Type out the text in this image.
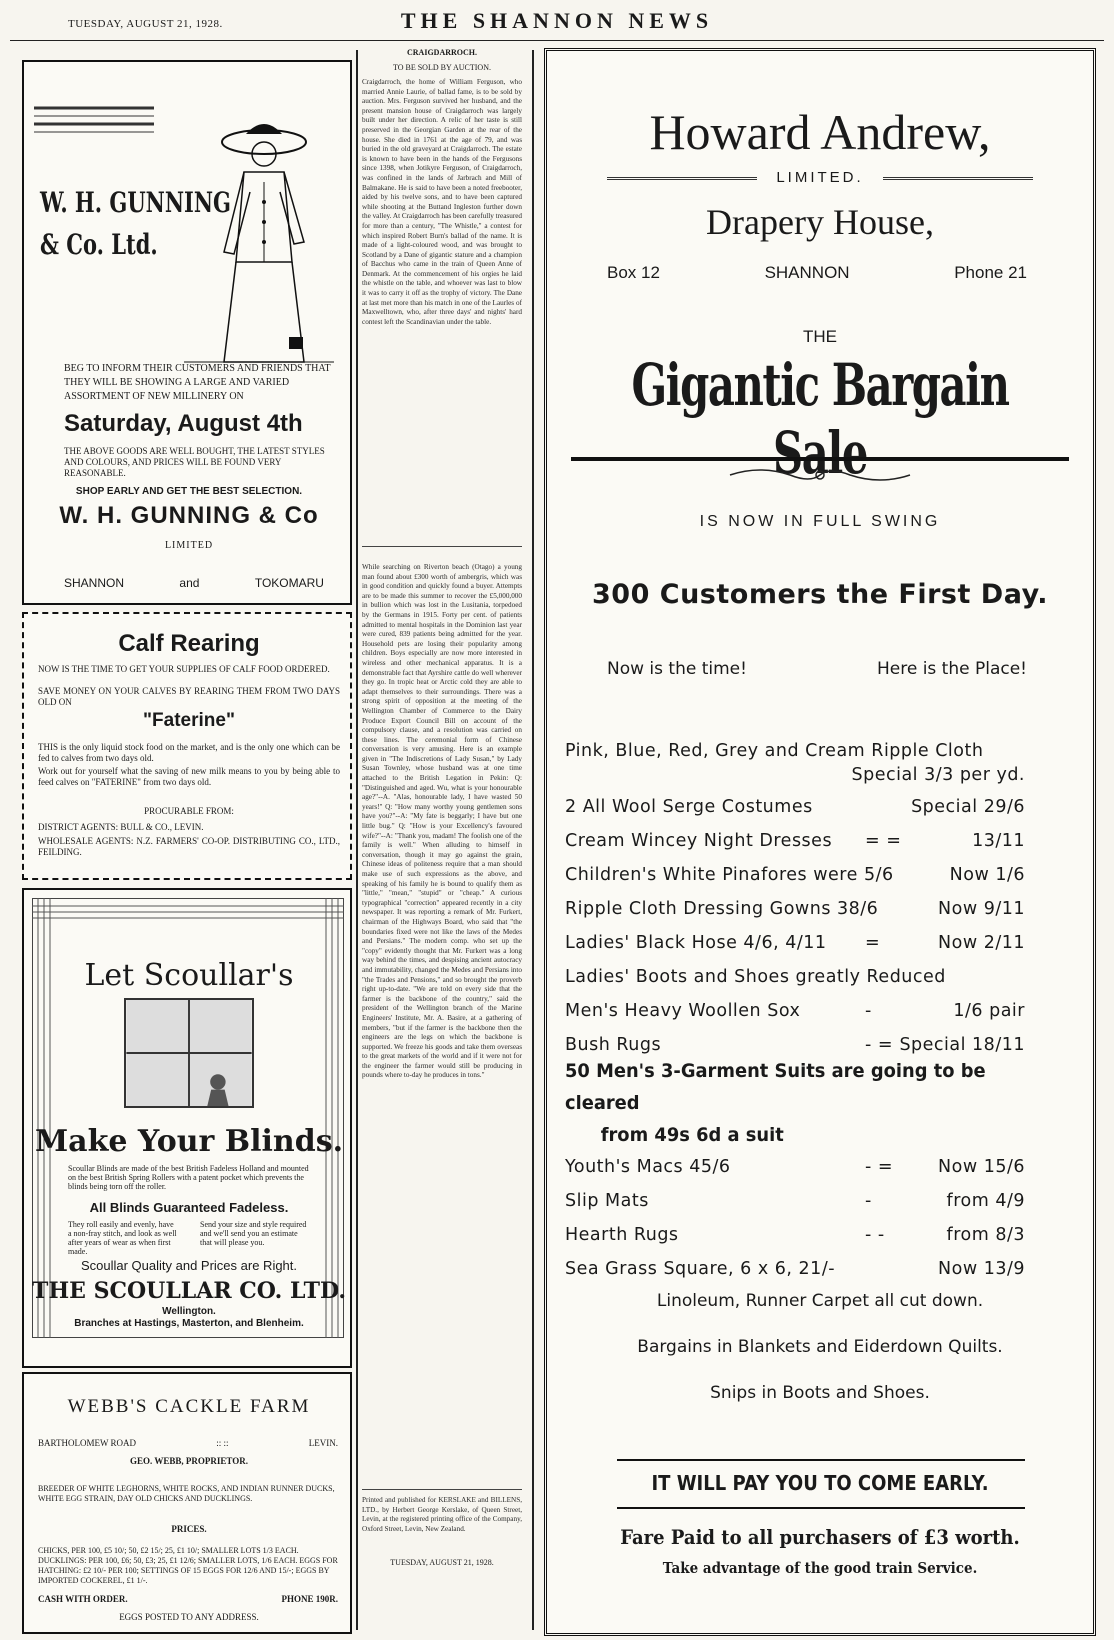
TUESDAY, AUGUST 21, 1928.	THE SHANNON NEWS
W. H. GUNNING
& Co. Ltd.
BEG TO INFORM THEIR CUSTOMERS AND FRIENDS THAT THEY WILL BE SHOWING A LARGE AND VARIED ASSORTMENT OF NEW MILLINERY ON
Saturday, August 4th
THE ABOVE GOODS ARE WELL BOUGHT, THE LATEST STYLES AND COLOURS, AND PRICES WILL BE FOUND VERY REASONABLE.
SHOP EARLY AND GET THE BEST SELECTION.
W. H. GUNNING & Co
LIMITED
SHANNON	and	TOKOMARU
Calf Rearing
NOW IS THE TIME TO GET YOUR SUPPLIES OF CALF FOOD ORDERED.
SAVE MONEY ON YOUR CALVES BY REARING THEM FROM TWO DAYS OLD ON
"Faterine"
THIS is the only liquid stock food on the market, and is the only one which can be fed to calves from two days old.
Work out for yourself what the saving of new milk means to you by being able to feed calves on "FATERINE" from two days old.
PROCURABLE FROM:
DISTRICT AGENTS: BULL & CO., LEVIN.
WHOLESALE AGENTS: N.Z. FARMERS' CO-OP. DISTRIBUTING CO., LTD., FEILDING.
Let Scoullar's
Make Your Blinds.
Scoullar Blinds are made of the best British Fadeless Holland and mounted on the best British Spring Rollers with a patent pocket which prevents the blinds being torn off the roller.
All Blinds Guaranteed Fadeless.
They roll easily and evenly, have a non-fray stitch, and look as well after years of wear as when first made.
Send your size and style required and we'll send you an estimate that will please you.
Scoullar Quality and Prices are Right.
THE SCOULLAR CO. LTD.
Wellington.
Branches at Hastings, Masterton, and Blenheim.
WEBB'S CACKLE FARM
BARTHOLOMEW ROAD	:: ::	LEVIN.
GEO. WEBB, PROPRIETOR.
BREEDER OF WHITE LEGHORNS, WHITE ROCKS, AND INDIAN RUNNER DUCKS, WHITE EGG STRAIN, DAY OLD CHICKS AND DUCKLINGS.
PRICES.
CHICKS, PER 100, £5 10/; 50, £2 15/; 25, £1 10/; SMALLER LOTS 1/3 EACH. DUCKLINGS: PER 100, £6; 50, £3; 25, £1 12/6; SMALLER LOTS, 1/6 EACH. EGGS FOR HATCHING: £2 10/- PER 100; SETTINGS OF 15 EGGS FOR 12/6 AND 15/-; EGGS BY IMPORTED COCKEREL, £1 1/-.
CASH WITH ORDER.	PHONE 190R.
EGGS POSTED TO ANY ADDRESS.
CRAIGDARROCH.
TO BE SOLD BY AUCTION.
Craigdarroch, the home of William Ferguson, who married Annie Laurie, of ballad fame, is to be sold by auction. Mrs. Ferguson survived her husband, and the present mansion house of Craigdarroch was largely built under her direction. A relic of her taste is still preserved in the Georgian Garden at the rear of the house. She died in 1761 at the age of 79, and was buried in the old graveyard at Craigdarroch. The estate is known to have been in the hands of the Fergusons since 1398, when Jotikyre Ferguson, of Craigdarroch, was confined in the lands of Jarbrach and Mill of Balmakane. He is said to have been a noted freebooter, aided by his twelve sons, and to have been captured while shooting at the Buttand Ingleston further down the valley. At Craigdarroch has been carefully treasured for more than a century, "The Whistle," a contest for which inspired Robert Burn's ballad of the name. It is made of a light-coloured wood, and was brought to Scotland by a Dane of gigantic stature and a champion of Bacchus who came in the train of Queen Anne of Denmark. At the commencement of his orgies he laid the whistle on the table, and whoever was last to blow it was to carry it off as the trophy of victory. The Dane at last met more than his match in one of the Laurles of Maxwelltown, who, after three days' and nights' hard contest left the Scandinavian under the table.
While searching on Riverton beach (Otago) a young man found about £300 worth of ambergris, which was in good condition and quickly found a buyer. Attempts are to be made this summer to recover the £5,000,000 in bullion which was lost in the Lusitania, torpedoed by the Germans in 1915. Forty per cent. of patients admitted to mental hospitals in the Dominion last year were cured, 839 patients being admitted for the year. Household pets are losing their popularity among children. Boys especially are now more interested in wireless and other mechanical apparatus. It is a demonstrable fact that Ayrshire cattle do well wherever they go. In tropic heat or Arctic cold they are able to adapt themselves to their surroundings. There was a strong spirit of opposition at the meeting of the Wellington Chamber of Commerce to the Dairy Produce Export Council Bill on account of the compulsory clause, and a resolution was carried on these lines. The ceremonial form of Chinese conversation is very amusing. Here is an example given in "The Indiscretions of Lady Susan," by Lady Susan Townley, whose husband was at one time attached to the British Legation in Pekin: Q: "Distinguished and aged. Wu, what is your honourable age?"--A. "Alas, honourable lady, I have wasted 50 years!" Q: "How many worthy young gentlemen sons have you?"--A: "My fate is beggarly; I have but one little bug." Q: "How is your Excellency's favoured wife?"--A: "Thank you, madam! The foolish one of the family is well." When alluding to himself in conversation, though it may go against the grain, Chinese ideas of politeness require that a man should make use of such expressions as the above, and speaking of his family he is bound to qualify them as "little," "mean," "stupid" or "cheap." A curious typographical "correction" appeared recently in a city newspaper. It was reporting a remark of Mr. Furkert, chairman of the Highways Board, who said that "the boundaries fixed were not like the laws of the Medes and Persians." The modern comp. who set up the "copy" evidently thought that Mr. Furkert was a long way behind the times, and despising ancient autocracy and immutability, changed the Medes and Persians into "the Trades and Pensions," and so brought the proverb right up-to-date. "We are told on every side that the farmer is the backbone of the country," said the president of the Wellington branch of the Marine Engineers' Institute, Mr. A. Basire, at a gathering of members, "but if the farmer is the backbone then the engineers are the legs on which the backbone is supported. We freeze his goods and take them overseas to the great markets of the world and if it were not for the engineer the farmer would still be producing in pounds where to-day he produces in tons."
Printed and published for KERSLAKE and BILLENS, LTD., by Herbert George Kerslake, of Queen Street, Levin, at the registered printing office of the Company, Oxford Street, Levin, New Zealand.
TUESDAY, AUGUST 21, 1928.
Howard Andrew,
LIMITED.
Drapery House,
Box 12	SHANNON	Phone 21
THE
Gigantic Bargain Sale
IS NOW IN FULL SWING
300 Customers the First Day.
Now is the time!	Here is the Place!
Pink, Blue, Red, Grey and Cream Ripple Cloth
Special 3/3 per yd.
2 All Wool Serge Costumes	Special 29/6
Cream Wincey Night Dresses = =	13/11
Children's White Pinafores were 5/6	Now 1/6
Ripple Cloth Dressing Gowns 38/6	Now 9/11
Ladies' Black Hose 4/6, 4/11 =	Now 2/11
Ladies' Boots and Shoes greatly Reduced
Men's Heavy Woollen Sox	-	1/6 pair
Bush Rugs	- = Special 18/11
50 Men's 3-Garment Suits are going to be cleared
from 49s 6d a suit
Youth's Macs 45/6	- =	Now 15/6
Slip Mats	-	from 4/9
Hearth Rugs	- -	from 8/3
Sea Grass Square, 6 x 6, 21/-	Now 13/9
Linoleum, Runner Carpet all cut down.
Bargains in Blankets and Eiderdown Quilts.
Snips in Boots and Shoes.
IT WILL PAY YOU TO COME EARLY.
Fare Paid to all purchasers of £3 worth.
Take advantage of the good train Service.
